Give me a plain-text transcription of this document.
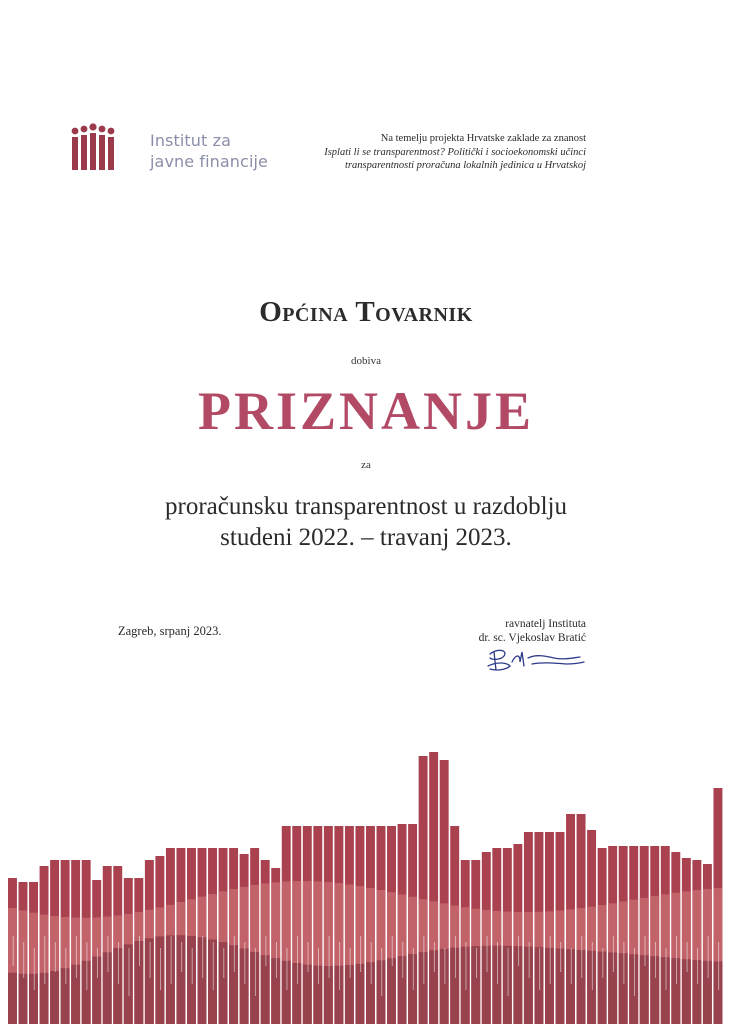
Institut za
javne financije
Na temelju projekta Hrvatske zaklade za znanost
Isplati li se transparentnost? Politički i socioekonomski učinci
transparentnosti proračuna lokalnih jedinica u Hrvatskoj
Općina Tovarnik
dobiva
PRIZNANJE
za
proračunsku transparentnost u razdoblju
studeni 2022. – travanj 2023.
Zagreb, srpanj 2023.	ravnatelj Instituta
dr. sc. Vjekoslav Bratić
